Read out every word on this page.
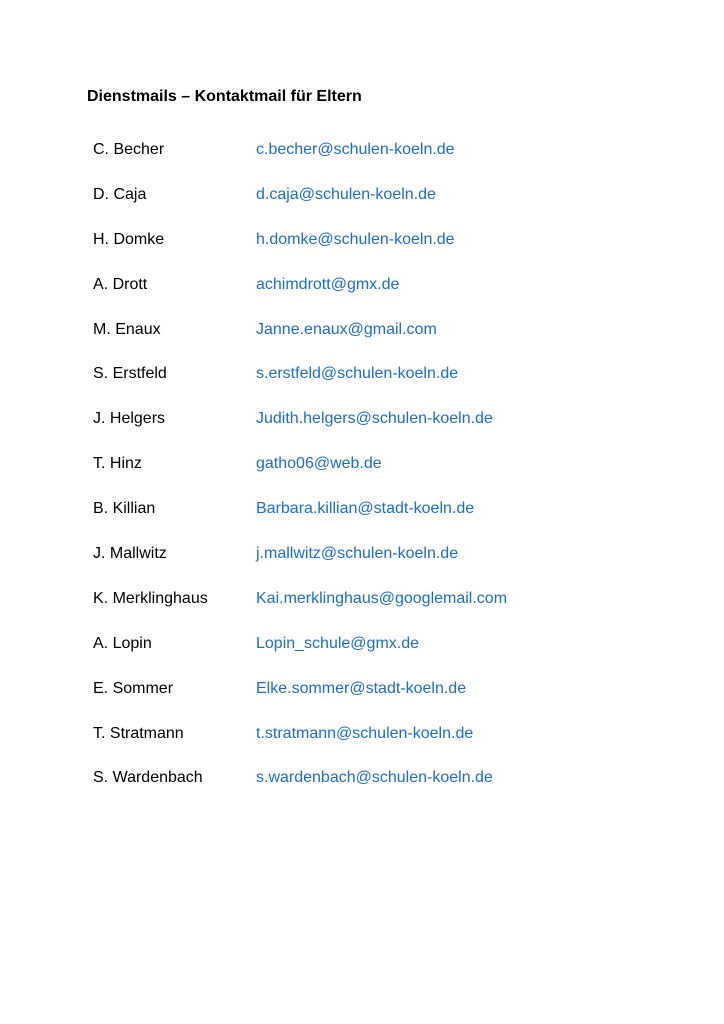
Dienstmails – Kontaktmail für Eltern
C. Becher	c.becher@schulen-koeln.de
D. Caja	d.caja@schulen-koeln.de
H. Domke	h.domke@schulen-koeln.de
A. Drott	achimdrott@gmx.de
M. Enaux	Janne.enaux@gmail.com
S. Erstfeld	s.erstfeld@schulen-koeln.de
J. Helgers	Judith.helgers@schulen-koeln.de
T. Hinz	gatho06@web.de
B. Killian	Barbara.killian@stadt-koeln.de
J. Mallwitz	j.mallwitz@schulen-koeln.de
K. Merklinghaus	Kai.merklinghaus@googlemail.com
A. Lopin	Lopin_schule@gmx.de
E. Sommer	Elke.sommer@stadt-koeln.de
T. Stratmann	t.stratmann@schulen-koeln.de
S. Wardenbach	s.wardenbach@schulen-koeln.de
